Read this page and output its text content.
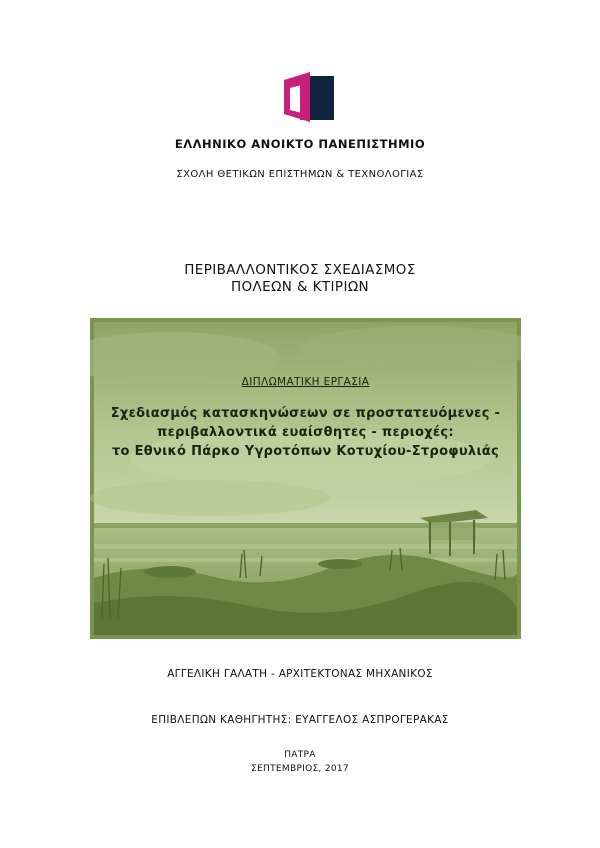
ΕΛΛΗΝΙΚΟ ΑΝΟΙΚΤΟ ΠΑΝΕΠΙΣΤΗΜΙΟ
ΣΧΟΛΗ ΘΕΤΙΚΩΝ ΕΠΙΣΤΗΜΩΝ & ΤΕΧΝΟΛΟΓΙΑΣ
ΠΕΡΙΒΑΛΛΟΝΤΙΚΟΣ ΣΧΕΔΙΑΣΜΟΣ
ΠΟΛΕΩΝ & ΚΤΙΡΙΩΝ
ΔΙΠΛΩΜΑΤΙΚΗ ΕΡΓΑΣΙΑ
Σχεδιασμός κατασκηνώσεων σε προστατευόμενες -
περιβαλλοντικά ευαίσθητες - περιοχές:
το Εθνικό Πάρκο Υγροτόπων Κοτυχίου-Στροφυλιάς
ΑΓΓΕΛΙΚΗ ΓΑΛΑΤΗ - ΑΡΧΙΤΕΚΤΟΝΑΣ ΜΗΧΑΝΙΚΟΣ
ΕΠΙΒΛΕΠΩΝ ΚΑΘΗΓΗΤΗΣ: ΕΥΑΓΓΕΛΟΣ ΑΣΠΡΟΓΕΡΑΚΑΣ
ΠΑΤΡΑ
ΣΕΠΤΕΜΒΡΙΟΣ, 2017
